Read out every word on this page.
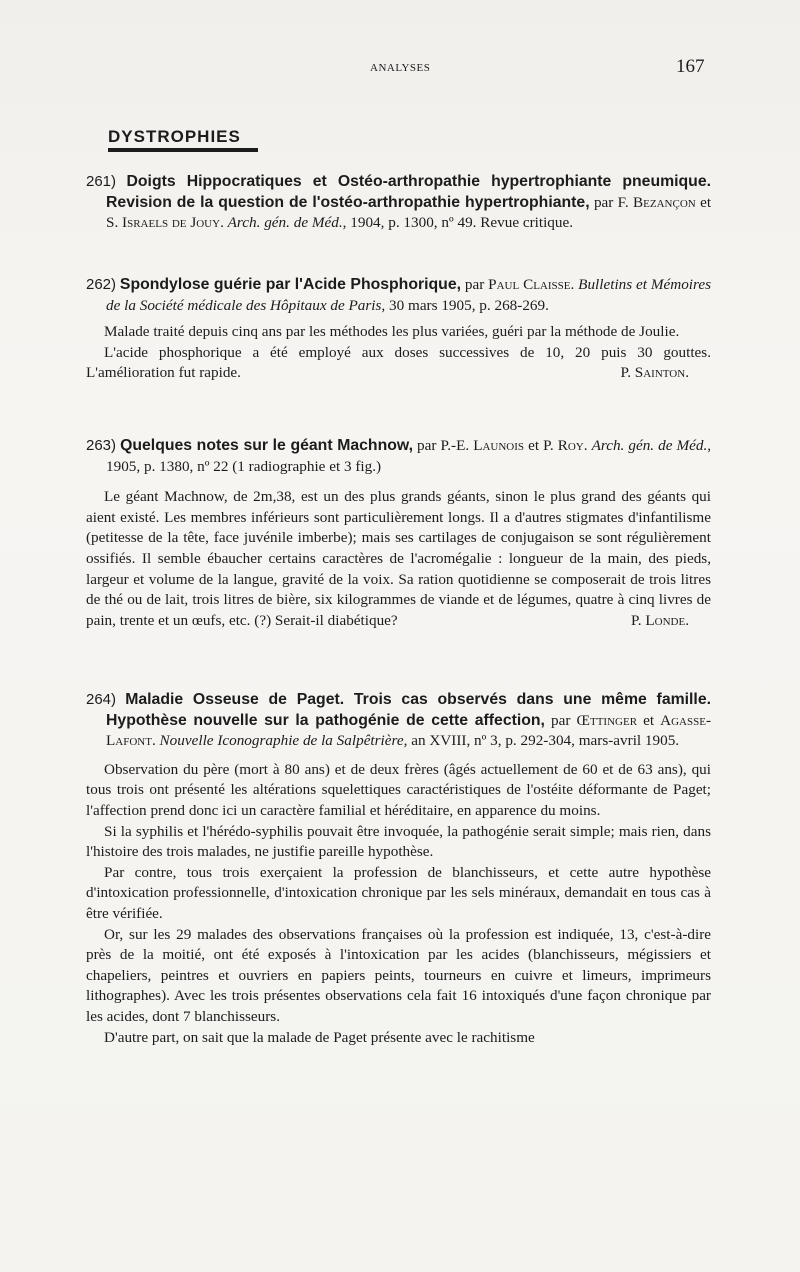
ANALYSES	167
DYSTROPHIES

261) Doigts Hippocratiques et Ostéo-arthropathie hypertrophiante pneumique. Revision de la question de l'ostéo-arthropathie hypertrophiante, par F. Bezançon et S. Israels de Jouy. Arch. gén. de Méd., 1904, p. 1300, nº 49. Revue critique.

262) Spondylose guérie par l'Acide Phosphorique, par Paul Claisse. Bulletins et Mémoires de la Société médicale des Hôpitaux de Paris, 30 mars 1905, p. 268-269.

Malade traité depuis cinq ans par les méthodes les plus variées, guéri par la méthode de Joulie.

L'acide phosphorique a été employé aux doses successives de 10, 20 puis 30 gouttes. L'amélioration fut rapide.	P. Sainton.

263) Quelques notes sur le géant Machnow, par P.-E. Launois et P. Roy. Arch. gén. de Méd., 1905, p. 1380, nº 22 (1 radiographie et 3 fig.)

Le géant Machnow, de 2m,38, est un des plus grands géants, sinon le plus grand des géants qui aient existé. Les membres inférieurs sont particulièrement longs. Il a d'autres stigmates d'infantilisme (petitesse de la tête, face juvénile imberbe); mais ses cartilages de conjugaison se sont régulièrement ossifiés. Il semble ébaucher certains caractères de l'acromégalie : longueur de la main, des pieds, largeur et volume de la langue, gravité de la voix. Sa ration quotidienne se composerait de trois litres de thé ou de lait, trois litres de bière, six kilogrammes de viande et de légumes, quatre à cinq livres de pain, trente et un œufs, etc. (?) Serait-il diabétique?	P. Londe.

264) Maladie Osseuse de Paget. Trois cas observés dans une même famille. Hypothèse nouvelle sur la pathogénie de cette affection, par Œttinger et Agasse-Lafont. Nouvelle Iconographie de la Salpêtrière, an XVIII, nº 3, p. 292-304, mars-avril 1905.

Observation du père (mort à 80 ans) et de deux frères (âgés actuellement de 60 et de 63 ans), qui tous trois ont présenté les altérations squelettiques caractéristiques de l'ostéite déformante de Paget; l'affection prend donc ici un caractère familial et héréditaire, en apparence du moins.

Si la syphilis et l'hérédo-syphilis pouvait être invoquée, la pathogénie serait simple; mais rien, dans l'histoire des trois malades, ne justifie pareille hypothèse.

Par contre, tous trois exerçaient la profession de blanchisseurs, et cette autre hypothèse d'intoxication professionnelle, d'intoxication chronique par les sels minéraux, demandait en tous cas à être vérifiée.

Or, sur les 29 malades des observations françaises où la profession est indiquée, 13, c'est-à-dire près de la moitié, ont été exposés à l'intoxication par les acides (blanchisseurs, mégissiers et chapeliers, peintres et ouvriers en papiers peints, tourneurs en cuivre et limeurs, imprimeurs lithographes). Avec les trois présentes observations cela fait 16 intoxiqués d'une façon chronique par les acides, dont 7 blanchisseurs.

D'autre part, on sait que la malade de Paget présente avec le rachitisme
